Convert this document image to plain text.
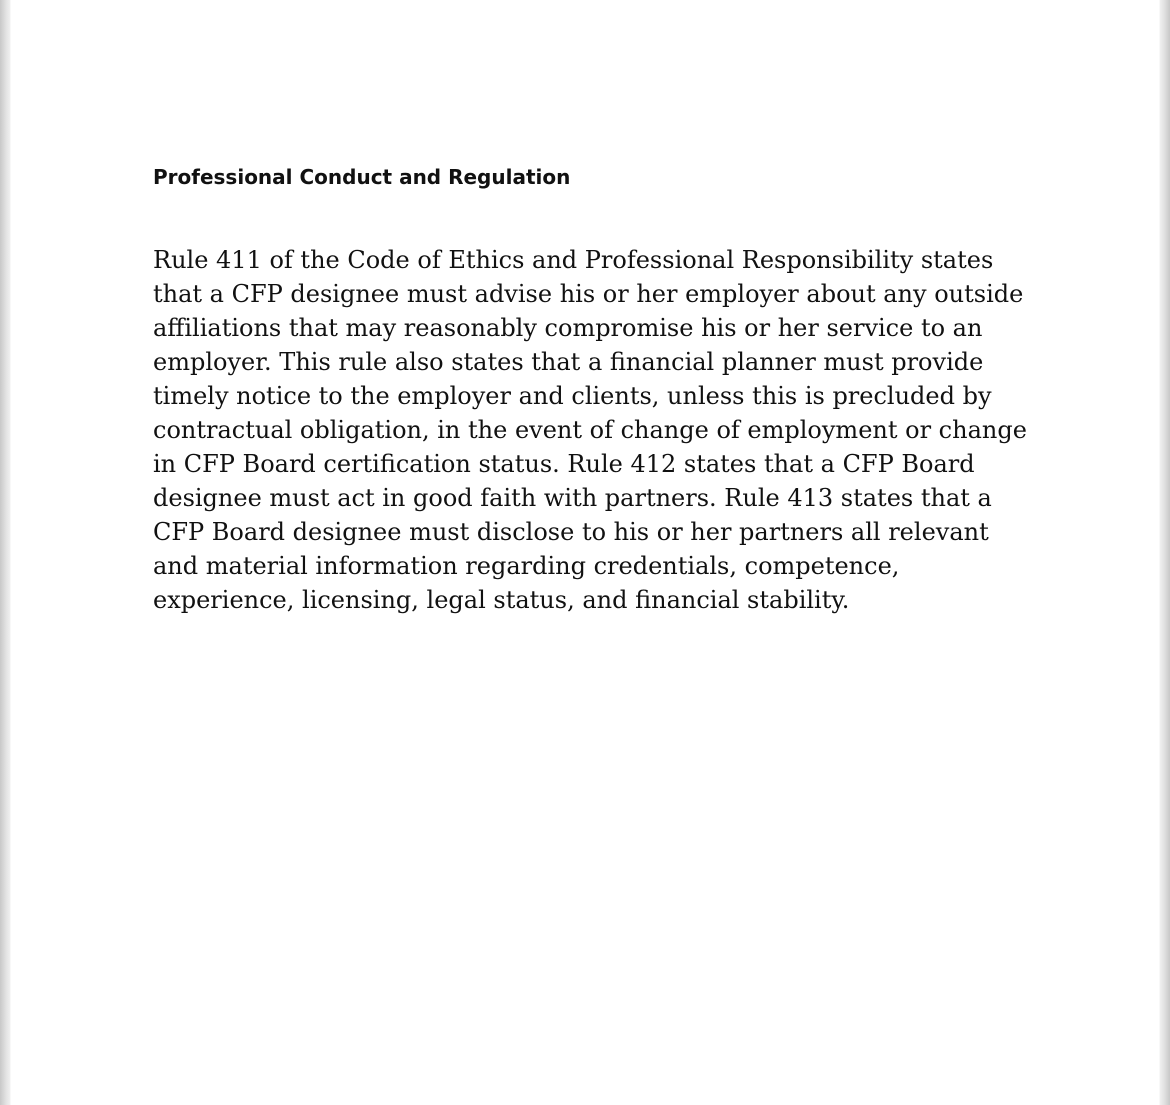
Professional Conduct and Regulation

Rule 411 of the Code of Ethics and Professional Responsibility states
that a CFP designee must advise his or her employer about any outside
affiliations that may reasonably compromise his or her service to an
employer. This rule also states that a financial planner must provide
timely notice to the employer and clients, unless this is precluded by
contractual obligation, in the event of change of employment or change
in CFP Board certification status. Rule 412 states that a CFP Board
designee must act in good faith with partners. Rule 413 states that a
CFP Board designee must disclose to his or her partners all relevant
and material information regarding credentials, competence,
experience, licensing, legal status, and financial stability.
